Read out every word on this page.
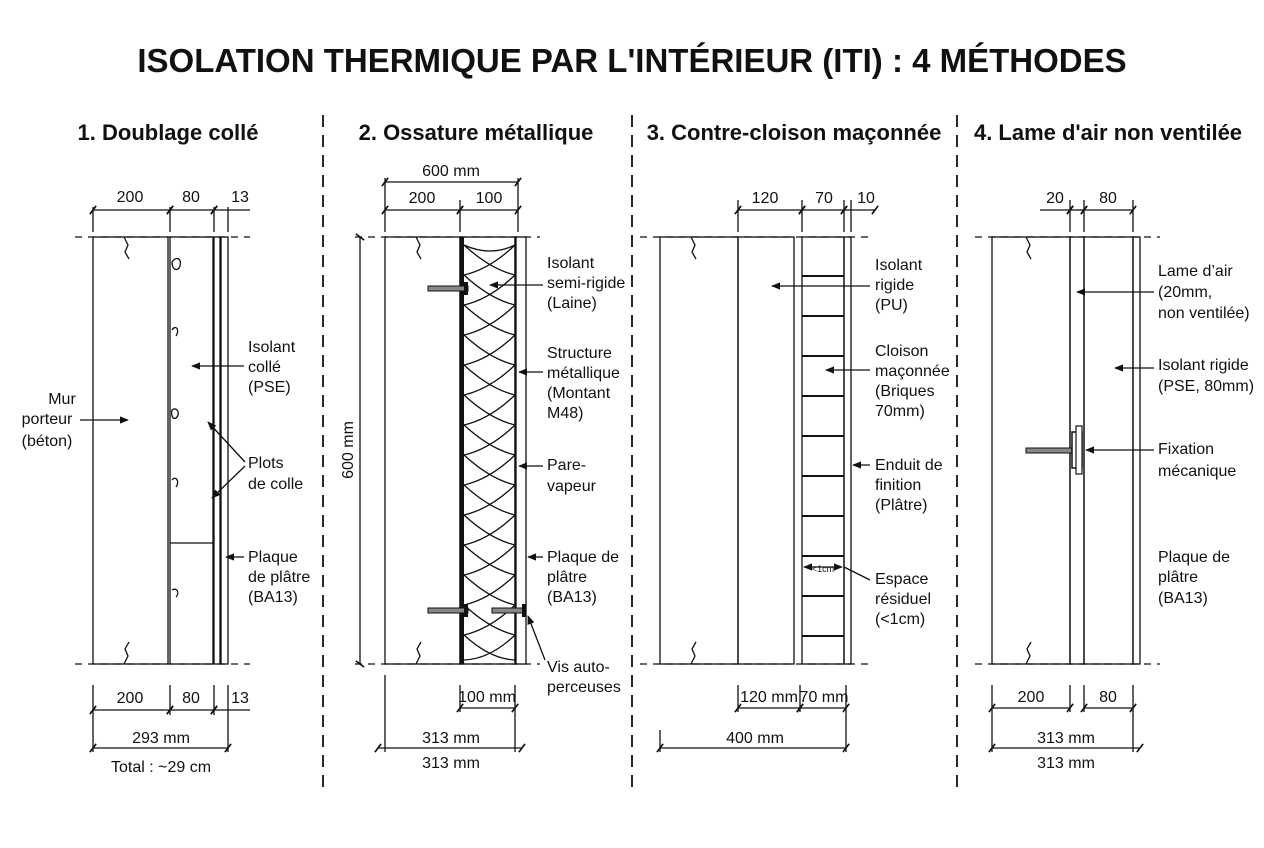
ISOLATION THERMIQUE PAR L'INTÉRIEUR (ITI) : 4 MÉTHODES
1. Doublage collé
200 80 13
200 80 13
293 mm
Total : ~29 cm
Mur
porteur
(béton)
Isolant
collé
(PSE)
Plots
de colle
Plaque
de plâtre
(BA13)
2. Ossature métallique
600 mm
200	100
600 mm
100 mm
313 mm
313 mm
Isolant
semi-rigide
(Laine)
Structure
métallique
(Montant
M48)
Pare-
vapeur
Plaque de
plâtre
(BA13)
Vis auto-
perceuses
3. Contre-cloison maçonnée
<1cm
120 70 10
120 mm 70 mm
400 mm
Isolant
rigide
(PU)
Cloison
maçonnée
(Briques
70mm)
Enduit de
finition
(Plâtre)
Espace
résiduel
(<1cm)
4. Lame d'air non ventilée
20 80
200	80
313 mm
313 mm
Lame d’air
(20mm,
non ventilée)
Isolant rigide
(PSE, 80mm)
Fixation
mécanique
Plaque de
plâtre
(BA13)
